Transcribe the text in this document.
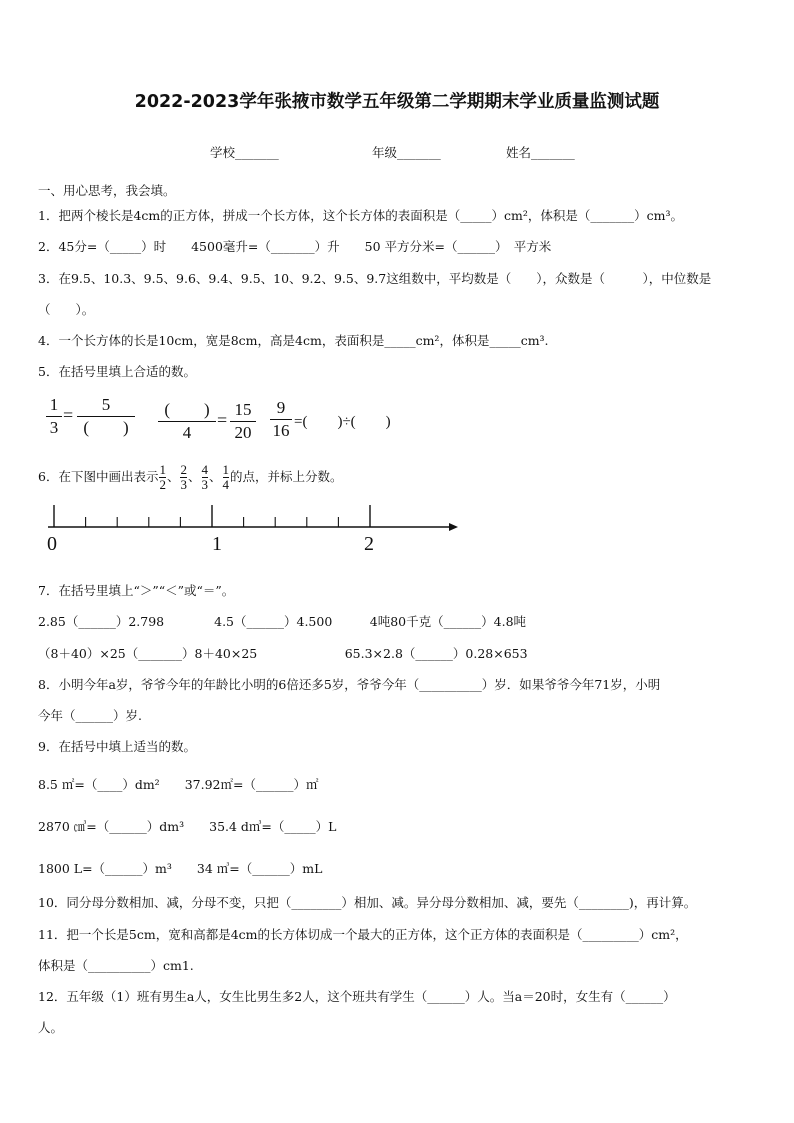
2022-2023学年张掖市数学五年级第二学期期末学业质量监测试题
学校_______	年级_______	姓名_______
一、用心思考，我会填。
1．把两个棱长是4cm的正方体，拼成一个长方体，这个长方体的表面积是（_____）cm²，体积是（_______）cm³。
2．45分=（_____）时　　4500毫升=（_______）升　　50 平方分米=（______）　平方米
3．在9.5、10.3、9.5、9.6、9.4、9.5、10、9.2、9.5、9.7这组数中，平均数是（　　），众数是（　　　），中位数是
（　　）。
4．一个长方体的长是10cm，宽是8cm，高是4cm，表面积是_____cm²，体积是_____cm³.
5．在括号里填上合适的数。
1
3
=
5
(　　)
(　　)
4
=
15
20
9
16 =(　　)÷(　　)
6．在下图中画出表示 $\frac{1}{2}$ 、 $\frac{2}{3}$ 、 $\frac{4}{3}$ 、 $\frac{1}{4}$ 的点，并标上分数。
0	1	2
7．在括号里填上“＞”“＜”或“＝”。
2.85（______）2.798　　　　4.5（______）4.500　　　4吨80千克（______）4.8吨
（8＋40）×25（_______）8＋40×25　　　　　　　65.3×2.8（______）0.28×653
8．小明今年a岁，爷爷今年的年龄比小明的6倍还多5岁，爷爷今年（__________）岁．如果爷爷今年71岁，小明
今年（______）岁.
9．在括号中填上适当的数。
8.5 ㎡=（____）dm²　　37.92㎡=（______）㎡
2870 ㎤=（______）dm³　　35.4 d㎥=（_____）L
1800 L=（______）m³　　34 ㎥=（______）mL
10．同分母分数相加、减，分母不变，只把（________）相加、减。异分母分数相加、减，要先（________)，再计算。
11．把一个长是5cm，宽和高都是4cm的长方体切成一个最大的正方体，这个正方体的表面积是（_________）cm²，
体积是（__________）cm1.
12．五年级（1）班有男生a人，女生比男生多2人，这个班共有学生（______）人。当a＝20时，女生有（______）
人。
